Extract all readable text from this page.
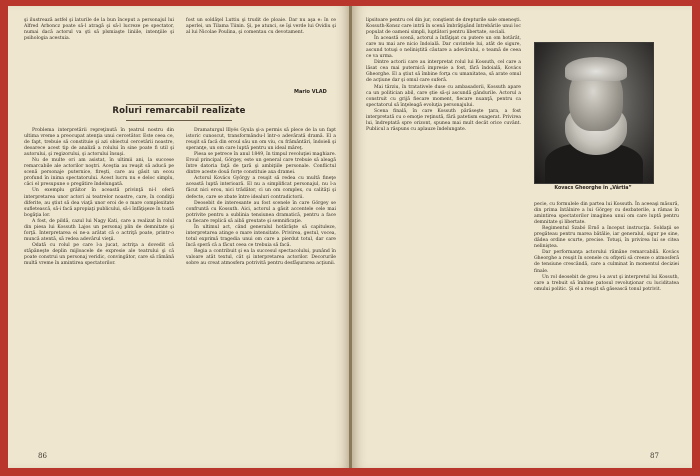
şi ilustrează astfel şi laturile de la bun început a personajul lui Alfred Arboncz poate să-l atragă şi să-l lucreze pe spectator, numai dacă actorul va şti să plsmiaşte liniile, intenţiile şi psihologia acestuia.

fost un soldăţel Luttiu şi trudit de ploaie. Dar nu aşa e: în ce aperlei, un Tilama Tiinin. Şi, pe atunci, se îşi verde lui Ovidiu şi al lui Nicolae Poulina, şi comentau cu devotament.

Mario VLAD
Roluri remarcabil realizate

Problema interpretării repreţinută în ţeatrul nostru din ultima vreme a preocupat atenţia unui cercetător. Este ceea ce, de fapt, trebuie să constituie şi azi obiectul cercetării noastre, deoarece acest tip de analiză a rolului în sine poate fi util şi autorului, şi regizorului, şi actorului însuşi.

Nu de multe ori am asistat, în ultimii ani, la succese remarcabile ale actorilor noştri. Aceştia au reuşit să aducă pe scenă personaje puternice, fireşti, care au găsit un ecou profund în inima spectatorului. Acest lucru nu e deloc simplu, căci el presupune o pregătire îndelungată.

Un exemplu grăitor în această privinţă ni-l oferă interpretarea unor actori ai teatrelor noastre, care, în condiţii diferite, au ştiut să dea viaţă unor eroi de o mare complexitate sufletească, să-i facă apropiaţi publicului, să-i înfăţişeze în toată bogăţia lor.

A fost, de pildă, cazul lui Nagy Kati, care a realizat în rolul din piesa lui Kossuth Lajos un personaj plin de demnitate şi forţă. Interpretarea ei ne-a arătat că o actriţă poate, printr-o muncă atentă, să redea adevărul vieţii.

Odată cu rolul pe care l-a jucat, actriţa a dovedit că stăpâneşte deplin mijloacele de expresie ale teatrului şi că poate construi un personaj veridic, convingător, care să rămână multă vreme în amintirea spectatorilor.

Dramaturgul Illyés Gyula şi-a permis să plece de la un fapt istoric cunoscut, transformându-l într-o adevărată dramă. El a reuşit să facă din eroul său un om viu, cu frământări, îndoieli şi speranţe, un om care luptă pentru un ideal măreţ.

Piesa se petrece în anul 1849, în timpul revoluţiei maghiare. Eroul principal, Görgey, este un general care trebuie să aleagă între datoria faţă de ţară şi ambiţiile personale. Conflictul dintre aceste două forţe constituie axa dramei.

Actorul Kovács György a reuşit să redea cu multă fineţe această luptă interioară. El nu a simplificat personajul, nu l-a făcut nici erou, nici trădător, ci un om complex, cu calităţi şi defecte, care se zbate între idealuri contradictorii.

Deosebit de interesante au fost scenele în care Görgey se confruntă cu Kossuth. Aici, actorul a găsit accentele cele mai potrivite pentru a sublinia tensiunea dramatică, pentru a face ca fiecare replică să aibă greutate şi semnificaţie.

În ultimul act, când generalul hotărăşte să capituleze, interpretarea atinge o mare intensitate. Privirea, gestul, vocea, totul exprimă tragedia unui om care a pierdut totul, dar care încă speră că a făcut ceea ce trebuia să facă.

Regia a contribuit şi ea la succesul spectacolului, punând în valoare atât textul, cât şi interpretarea actorilor. Decorurile sobre au creat atmosfera potrivită pentru desfăşurarea acţiunii.

86

lipsitoare pentru cel din jur, conştient de drepturile sale omeneşti. Kossuth-Konsz care intră în scenă îmbrăţişând întrebările unui loc populat de oameni simpli, luptători pentru libertate, sociali.

În această scenă, actorul a înfăţişat cu putere un om hotărât, care nu mai are nicio îndoială. Dar cuvintele lui, atât de sigure, ascund totuşi o neliniştită căutare a adevărului, o teamă de ceea ce va urma.

Dintre actorii care au interpretat rolul lui Kossuth, cel care a lăsat cea mai puternică impresie a fost, fără îndoială, Kovács Gheorghe. El a ştiut să îmbine forţa cu umanitatea, să arate omul de acţiune dar şi omul care suferă.

Mai târziu, în tratativele duse cu ambasadorii, Kossuth apare ca un politician abil, care ştie să-şi ascundă gândurile. Actorul a construit cu grijă fiecare moment, fiecare nuanţă, pentru ca spectatorul să înţeleagă evoluţia personajului.

Scena finală, în care Kossuth părăseşte ţara, a fost interpretată cu o emoţie reţinută, fără patetism exagerat. Privirea lui, îndreptată spre orizont, spunea mai mult decât orice cuvânt. Publicul a răspuns cu aplauze îndelungate.

Kovacs Gheorghe în „Vârtia”

pecie, cu formulele din partea lui Kossuth. În aceeaşi măsură, din prima întâlnire a lui Görgey cu dezbaterile, a rămas în amintirea spectatorilor imaginea unui om care luptă pentru demnitate şi libertate.

Regimentul Szabó Ernő a început instrucţia. Soldaţii se pregăteau pentru marea bătălie, iar generalul, sigur pe sine, dădea ordine scurte, precise. Totuşi, în privirea lui se citea neliniştea.

Dar performanţa actorului rămâne remarcabilă. Kovács Gheorghe a reuşit în scenele cu ofiţerii să creeze o atmosferă de tensiune crescândă, care a culminat în momentul deciziei finale.

Un rol deosebit de greu l-a avut şi interpretul lui Kossuth, care a trebuit să îmbine patosul revoluţionar cu luciditatea omului politic. Şi el a reuşit să găsească tonul potrivit.

87
